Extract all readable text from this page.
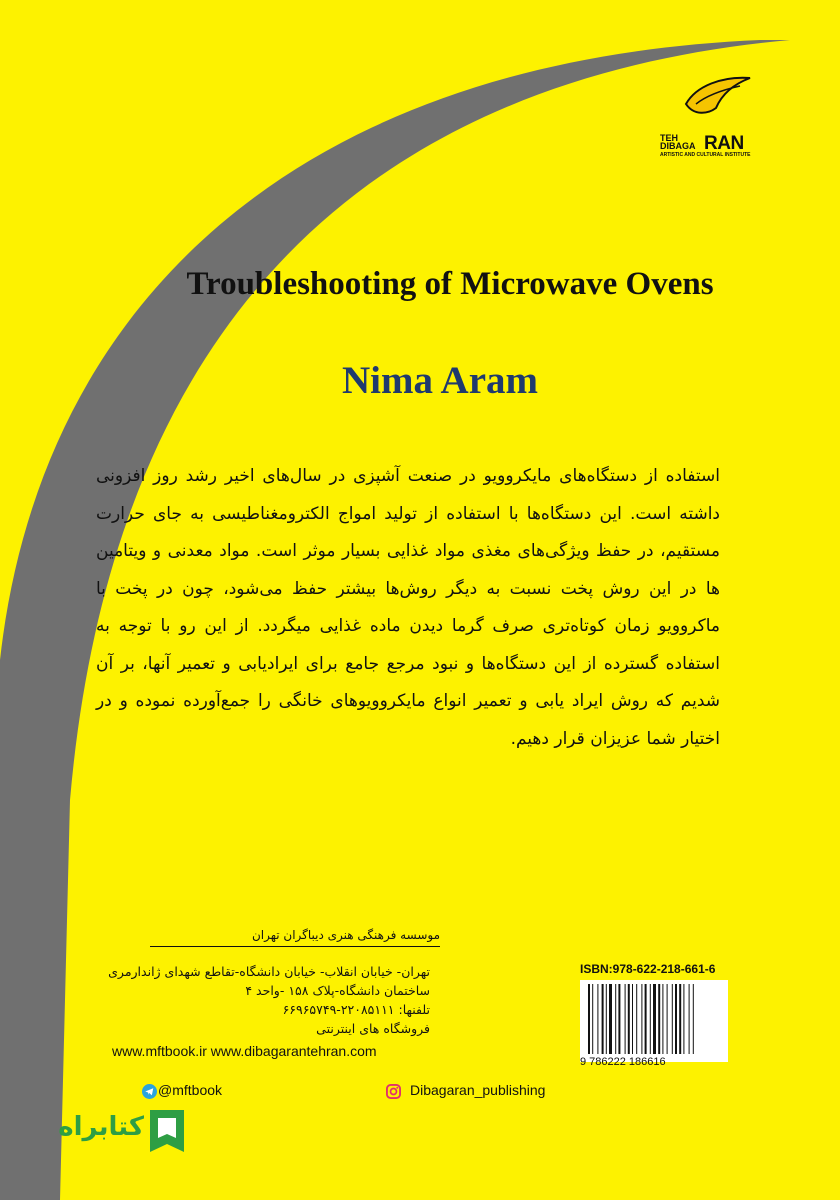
TEH
DIBAGA RAN
ARTISTIC AND CULTURAL INSTITUTE
Troubleshooting of Microwave Ovens
Nima Aram

استفاده از دستگاه‌های مایکروویو در صنعت آشپزی در سال‌های اخیر رشد روز افزونی داشته است. این دستگاه‌ها با استفاده از تولید امواج الکترومغناطیسی به جای حرارت مستقیم، در حفظ ویژگی‌های مغذی مواد غذایی بسیار موثر است. مواد معدنی و ویتامین ها در این روش پخت نسبت به دیگر روش‌ها بیشتر حفظ می‌شود، چون در پخت با ماکروویو زمان کوتاه‌تری صرف گرما دیدن ماده غذایی میگردد. از این رو با توجه به استفاده گسترده از این دستگاه‌ها و نبود مرجع جامع برای ایرادیابی و تعمیر آنها، بر آن شدیم که روش ایراد یابی و تعمیر انواع مایکروویوهای خانگی را جمع‌آورده نموده و در اختیار شما عزیزان قرار دهیم.

موسسه فرهنگی هنری دیباگران تهران
تهران- خیابان انقلاب- خیابان دانشگاه-تقاطع شهدای ژاندارمری
ساختمان دانشگاه-پلاک ۱۵۸ -واحد ۴
تلفنها: ۲۲۰۸۵۱۱۱-۶۶۹۶۵۷۴۹
فروشگاه های اینترنتی
www.mftbook.ir www.dibagarantehran.com
@mftbook	Dibagaran_publishing
ISBN:978-622-218-661-6
9 786222 186616
کتابراه
